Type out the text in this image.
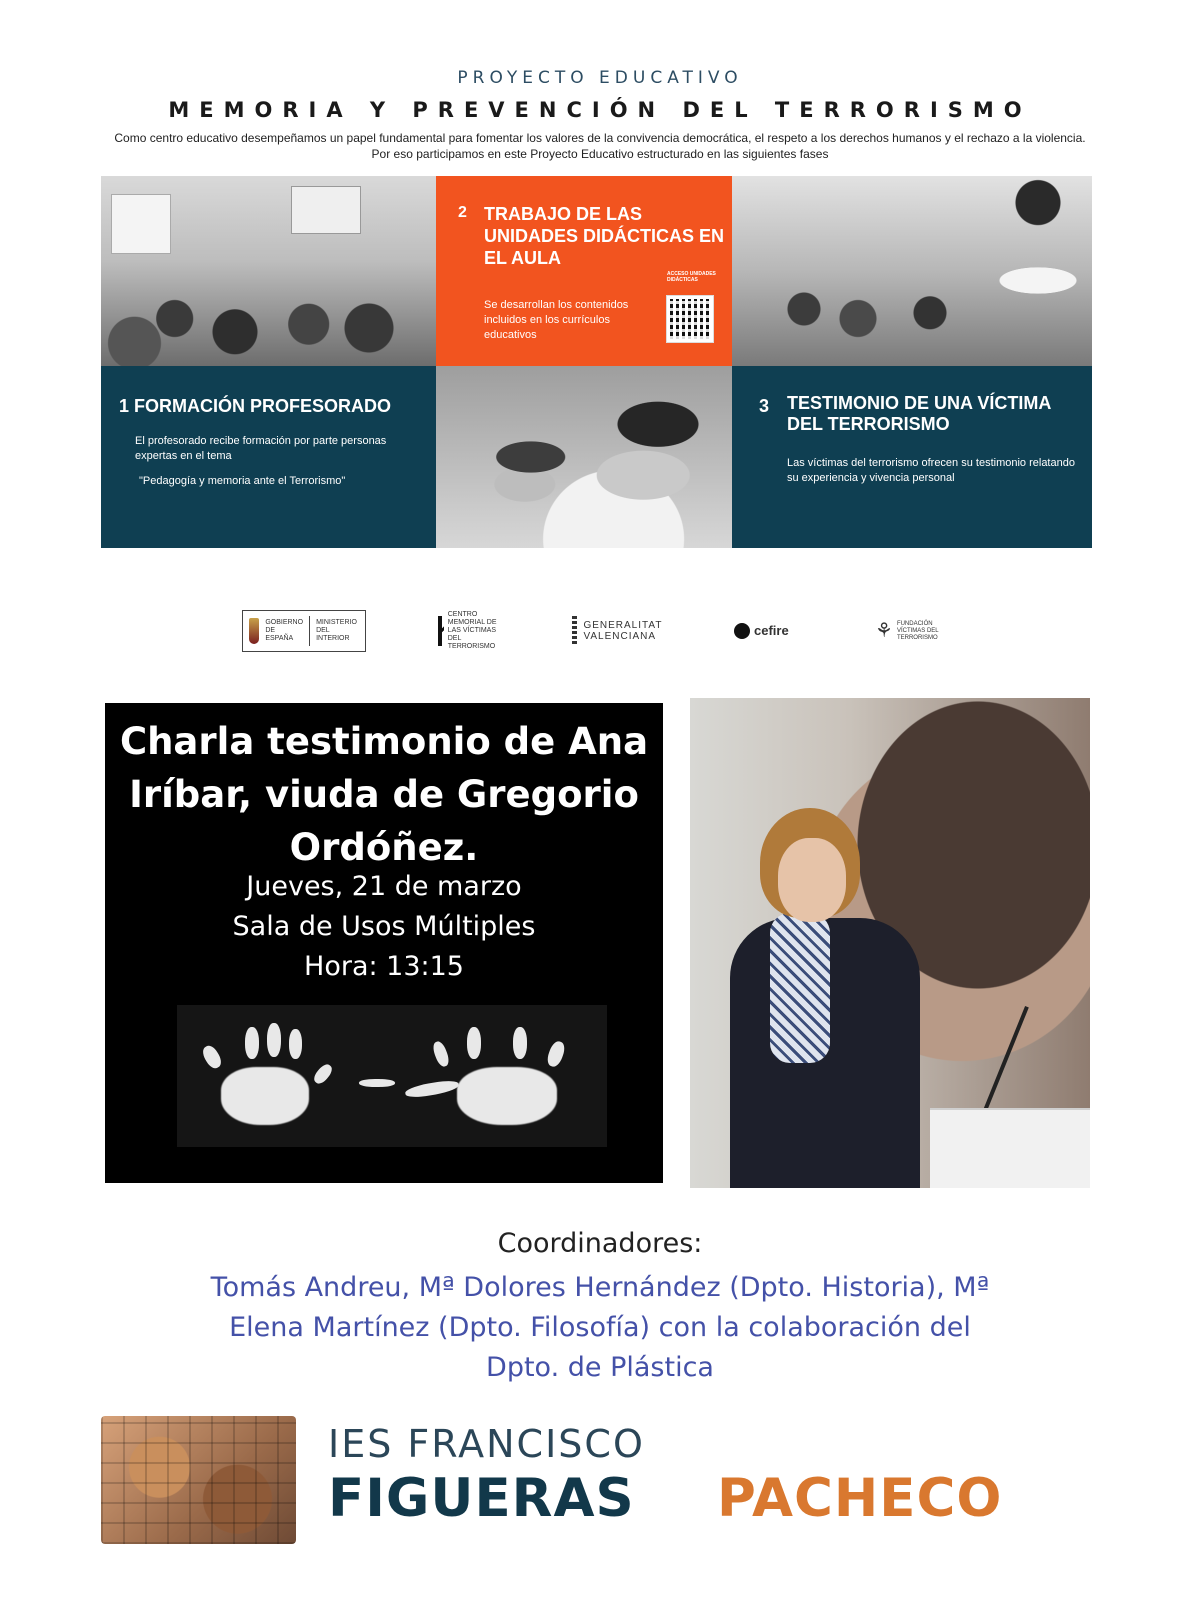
PROYECTO EDUCATIVO
MEMORIA Y PREVENCIÓN DEL TERRORISMO
Como centro educativo desempeñamos un papel fundamental para fomentar los valores de la convivencia democrática, el respeto a los derechos humanos y el rechazo a la violencia.
Por eso participamos en este Proyecto Educativo estructurado en las siguientes fases
2 TRABAJO DE LAS UNIDADES DIDÁCTICAS EN EL AULA
Se desarrollan los contenidos incluidos en los currículos educativos
ACCESO UNIDADES DIDÁCTICAS
1 FORMACIÓN PROFESORADO
El profesorado recibe formación por parte personas expertas en el tema
"Pedagogía y memoria ante el Terrorismo"
3 TESTIMONIO DE UNA VÍCTIMA DEL TERRORISMO
Las víctimas del terrorismo ofrecen su testimonio relatando su experiencia y vivencia personal
GOBIERNO DE ESPAÑA
MINISTERIO DEL INTERIOR
CENTRO MEMORIAL DE LAS VÍCTIMAS DEL TERRORISMO
GENERALITAT VALENCIANA	cefire	⚘ FUNDACIÓN VÍCTIMAS DEL TERRORISMO
Charla testimonio de Ana Iríbar, viuda de Gregorio Ordóñez.
Jueves, 21 de marzo
Sala de Usos Múltiples
Hora: 13:15
Coordinadores:
Tomás Andreu, Mª Dolores Hernández (Dpto. Historia), Mª Elena Martínez (Dpto. Filosofía) con la colaboración del Dpto. de Plástica
IES FRANCISCO
FIGUERAS PACHECO
